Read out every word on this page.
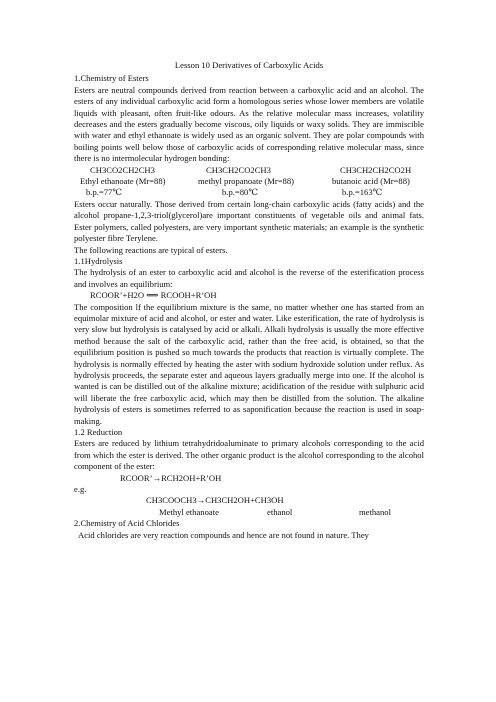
Lesson 10 Derivatives of Carboxylic Acids
1.Chemistry of Esters
Esters are neutral compounds derived from reaction between a carboxylic acid and an alcohol. The esters of any individual carboxylic acid form a homologous series whose lower members are volatile liquids with pleasant, often fruit-like odours. As the relative molecular mass increases, volatility decreases and the esters gradually become viscous, oily liquids or waxy solids. They are immiscible with water and ethyl ethanoate is widely used as an organic solvent. They are polar compounds with boiling points well below those of carboxylic acids of corresponding relative molecular mass, since there is no intermolecular hydrogen bonding:
CH3CO2CH2CH3	CH3CH2CO2CH3	CH3CH2CH2CO2H
Ethyl ethanoate (Mr=88)	methyl propanoate (Mr=88)	butanoic acid (Mr=88)
b.p.=77℃	b.p.=80℃	b.p.=163℃
Esters occur naturally. Those derived from certain long-chain carboxylic acids (fatty acids) and the alcohol propane-1,2,3-triol(glycerol)are important constituents of vegetable oils and animal fats. Ester polymers, called polyesters, are very important synthetic materials; an example is the synthetic polyester fibre Terylene.
The following reactions are typical of esters.
1.1Hydrolysis
The hydrolysis of an ester to carboxylic acid and alcohol is the reverse of the esterification process and involves an equilibrium:
RCOOR’+H2O ⟺ RCOOH+R’OH
The composition lf the equilibrium mixture is the same, no matter whether one has started from an equimolar mixture of acid and alcohol, or ester and water. Like esterification, the rate of hydrolysis is very slow but hydrolysis is catalysed by acid or alkali. Alkali hydrolysis is usually the more effective method because the salt of the carboxylic acid, rather than the free acid, is obtained, so that the equilibrium position is pushed so much towards the products that reaction is virtually complete. The hydrolysis is normally effected by heating the aster with sodium hydroxide solution under reflux. As hydrolysis proceeds, the separate ester and aqueous layers gradually merge into one. If the alcohol is wanted is can be distilled out of the alkaline mixture; acidification of the residue with sulphuric acid will liberate the free carboxylic acid, which may then be distilled from the solution. The alkaline hydrolysis of esters is sometimes referred to as saponification because the reaction is used in soap-making.
1.2 Reduction
Esters are reduced by lithium tetrahydridoaluminate to primary alcohols corresponding to the acid from which the ester is derived. The other organic product is the alcohol corresponding to the alcohol component of the ester:
RCOOR’→RCH2OH+R’OH
e.g.
CH3COOCH3→CH3CH2OH+CH3OH
Methyl ethanoate	ethanol	methanol
2.Chemistry of Acid Chlorides
Acid chlorides are very reaction compounds and hence are not found in nature. They
